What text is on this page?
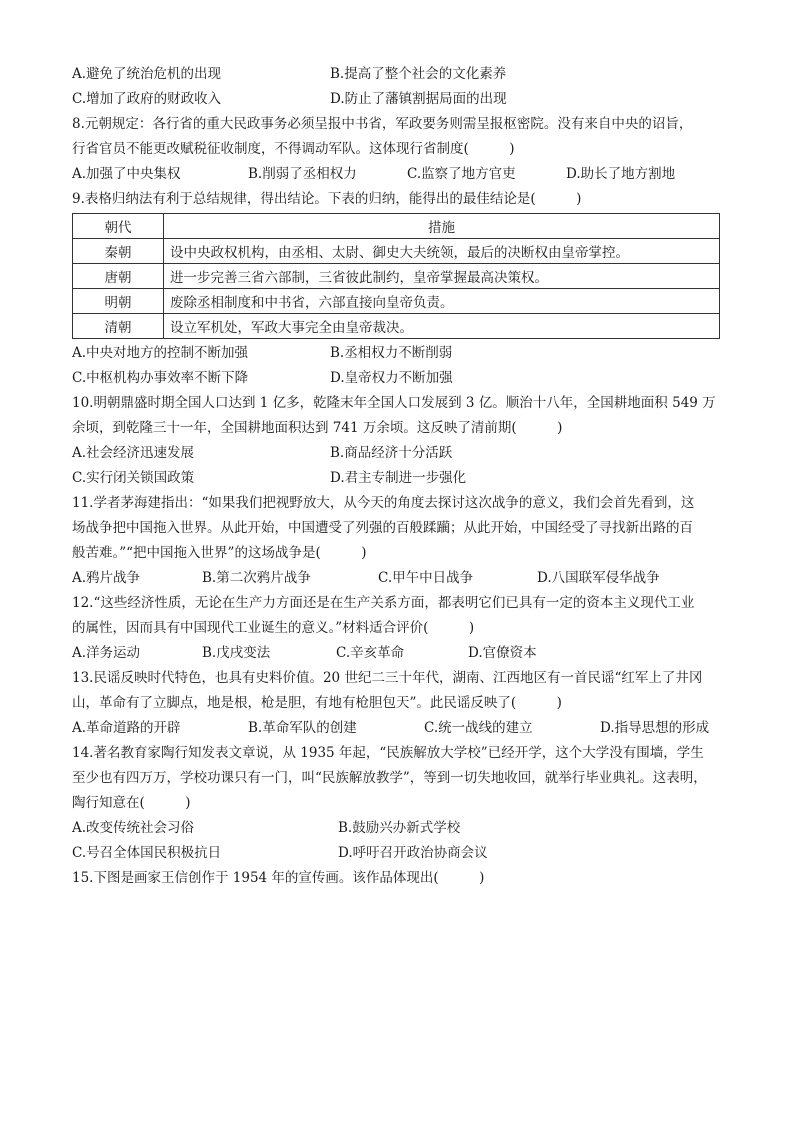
A.避免了统治危机的出现	B.提高了整个社会的文化素养
C.增加了政府的财政收入	D.防止了藩镇割据局面的出现
8.元朝规定：各行省的重大民政事务必须呈报中书省，军政要务则需呈报枢密院。没有来自中央的诏旨，
行省官员不能更改赋税征收制度，不得调动军队。这体现行省制度(　　　)
A.加强了中央集权	B.削弱了丞相权力	C.监察了地方官吏	D.助长了地方割地
9.表格归纳法有利于总结规律，得出结论。下表的归纳，能得出的最佳结论是(　　　)
朝代	措施
秦朝	设中央政权机构，由丞相、太尉、御史大夫统领，最后的决断权由皇帝掌控。
唐朝	进一步完善三省六部制，三省彼此制约，皇帝掌握最高决策权。
明朝	废除丞相制度和中书省，六部直接向皇帝负责。
清朝	设立军机处，军政大事完全由皇帝裁决。
A.中央对地方的控制不断加强	B.丞相权力不断削弱
C.中枢机构办事效率不断下降	D.皇帝权力不断加强
10.明朝鼎盛时期全国人口达到 1 亿多，乾隆末年全国人口发展到 3 亿。顺治十八年，全国耕地面积 549 万
余顷，到乾隆三十一年，全国耕地面积达到 741 万余顷。这反映了清前期(　　　)
A.社会经济迅速发展	B.商品经济十分活跃
C.实行闭关锁国政策	D.君主专制进一步强化
11.学者茅海建指出：“如果我们把视野放大，从今天的角度去探讨这次战争的意义，我们会首先看到，这
场战争把中国拖入世界。从此开始，中国遭受了列强的百般蹂躏；从此开始，中国经受了寻找新出路的百
般苦难。”“把中国拖入世界”的这场战争是(　　　)
A.鸦片战争	B.第二次鸦片战争	C.甲午中日战争	D.八国联军侵华战争
12.“这些经济性质，无论在生产力方面还是在生产关系方面，都表明它们已具有一定的资本主义现代工业
的属性，因而具有中国现代工业诞生的意义。”材料适合评价(　　　)
A.洋务运动	B.戊戌变法	C.辛亥革命	D.官僚资本
13.民谣反映时代特色，也具有史料价值。20 世纪二三十年代，湖南、江西地区有一首民谣“红军上了井冈
山，革命有了立脚点，地是根，枪是胆，有地有枪胆包天”。此民谣反映了(　　　)
A.革命道路的开辟	B.革命军队的创建	C.统一战线的建立	D.指导思想的形成
14.著名教育家陶行知发表文章说，从 1935 年起，“民族解放大学校”已经开学，这个大学没有围墙，学生
至少也有四万万，学校功课只有一门，叫“民族解放教学”，等到一切失地收回，就举行毕业典礼。这表明，
陶行知意在(　　　)
A.改变传统社会习俗	B.鼓励兴办新式学校
C.号召全体国民积极抗日	D.呼吁召开政治协商会议
15.下图是画家王信创作于 1954 年的宣传画。该作品体现出(　　　)
